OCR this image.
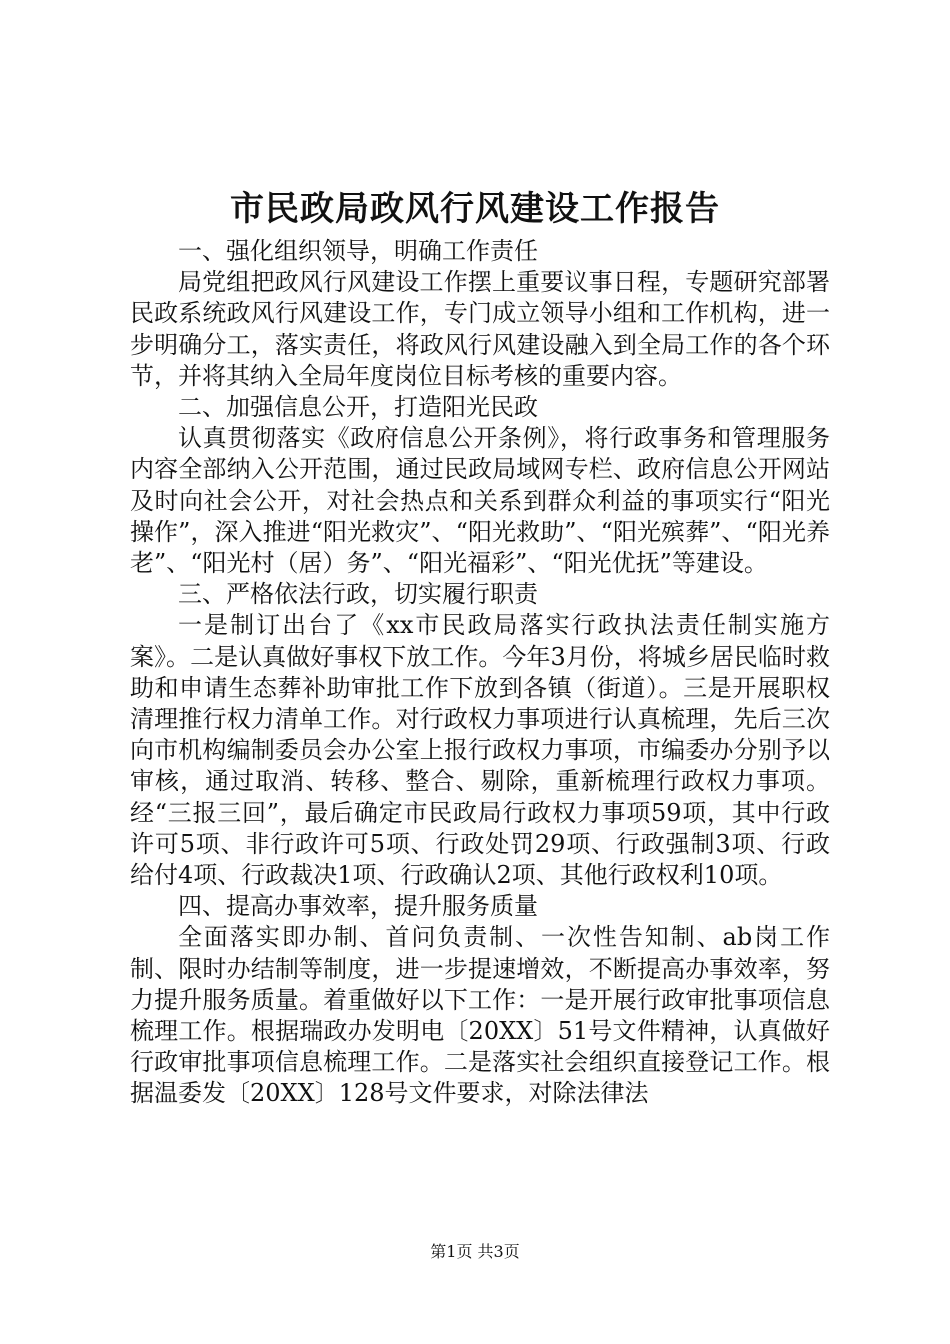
市民政局政风行风建设工作报告

一、强化组织领导，明确工作责任

局党组把政风行风建设工作摆上重要议事日程，专题研究部署民政系统政风行风建设工作，专门成立领导小组和工作机构，进一步明确分工，落实责任，将政风行风建设融入到全局工作的各个环节，并将其纳入全局年度岗位目标考核的重要内容。

二、加强信息公开，打造阳光民政

认真贯彻落实《政府信息公开条例》，将行政事务和管理服务内容全部纳入公开范围，通过民政局域网专栏、政府信息公开网站及时向社会公开，对社会热点和关系到群众利益的事项实行“阳光操作”，深入推进“阳光救灾”、“阳光救助”、“阳光殡葬”、“阳光养老”、“阳光村（居）务”、“阳光福彩”、“阳光优抚”等建设。

三、严格依法行政，切实履行职责

一是制订出台了《xx市民政局落实行政执法责任制实施方案》。二是认真做好事权下放工作。今年3月份，将城乡居民临时救助和申请生态葬补助审批工作下放到各镇（街道）。三是开展职权清理推行权力清单工作。对行政权力事项进行认真梳理，先后三次向市机构编制委员会办公室上报行政权力事项，市编委办分别予以审核，通过取消、转移、整合、剔除，重新梳理行政权力事项。经“三报三回”，最后确定市民政局行政权力事项59项，其中行政许可5项、非行政许可5项、行政处罚29项、行政强制3项、行政给付4项、行政裁决1项、行政确认2项、其他行政权利10项。

四、提高办事效率，提升服务质量

全面落实即办制、首问负责制、一次性告知制、ab岗工作制、限时办结制等制度，进一步提速增效，不断提高办事效率，努力提升服务质量。着重做好以下工作：一是开展行政审批事项信息梳理工作。根据瑞政办发明电〔20XX〕51号文件精神，认真做好行政审批事项信息梳理工作。二是落实社会组织直接登记工作。根据温委发〔20XX〕128号文件要求，对除法律法

第1页 共3页
